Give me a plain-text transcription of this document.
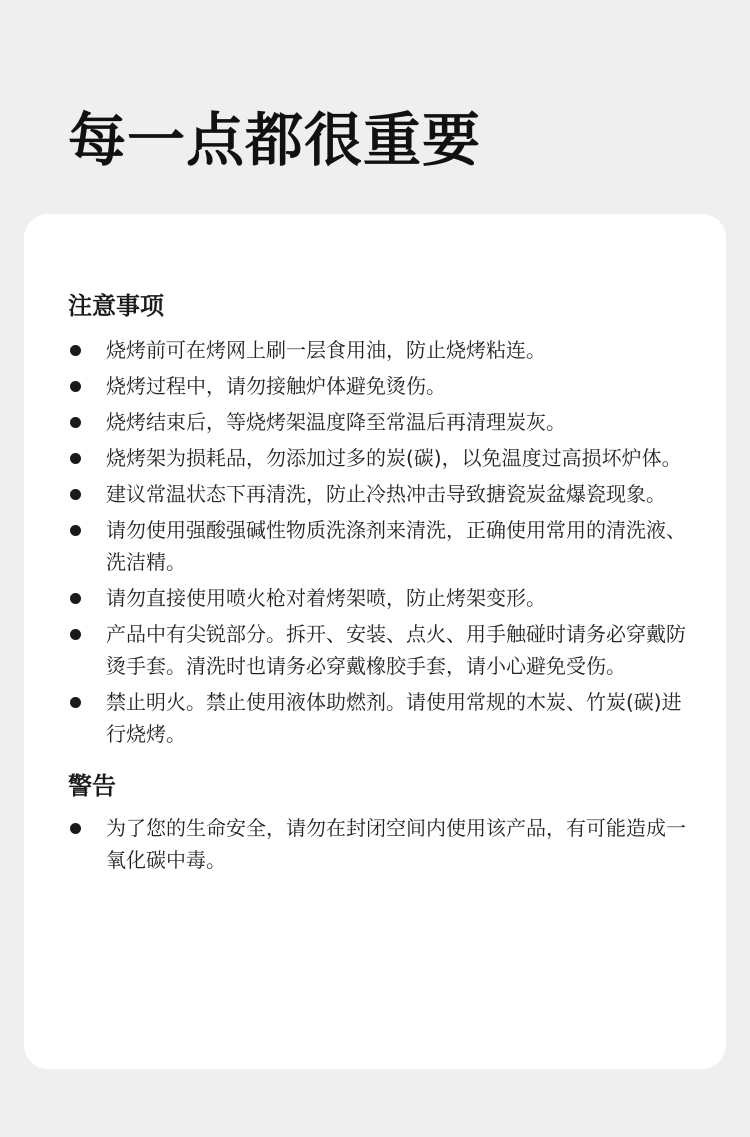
每一点都很重要
注意事项
烧烤前可在烤网上刷一层食用油，防止烧烤粘连。
烧烤过程中，请勿接触炉体避免烫伤。
烧烤结束后，等烧烤架温度降至常温后再清理炭灰。
烧烤架为损耗品，勿添加过多的炭(碳)，以免温度过高损坏炉体。
建议常温状态下再清洗，防止冷热冲击导致搪瓷炭盆爆瓷现象。
请勿使用强酸强碱性物质洗涤剂来清洗，正确使用常用的清洗液、洗洁精。
请勿直接使用喷火枪对着烤架喷，防止烤架变形。
产品中有尖锐部分。拆开、安装、点火、用手触碰时请务必穿戴防烫手套。清洗时也请务必穿戴橡胶手套，请小心避免受伤。
禁止明火。禁止使用液体助燃剂。请使用常规的木炭、竹炭(碳)进行烧烤。
警告
为了您的生命安全，请勿在封闭空间内使用该产品，有可能造成一氧化碳中毒。
